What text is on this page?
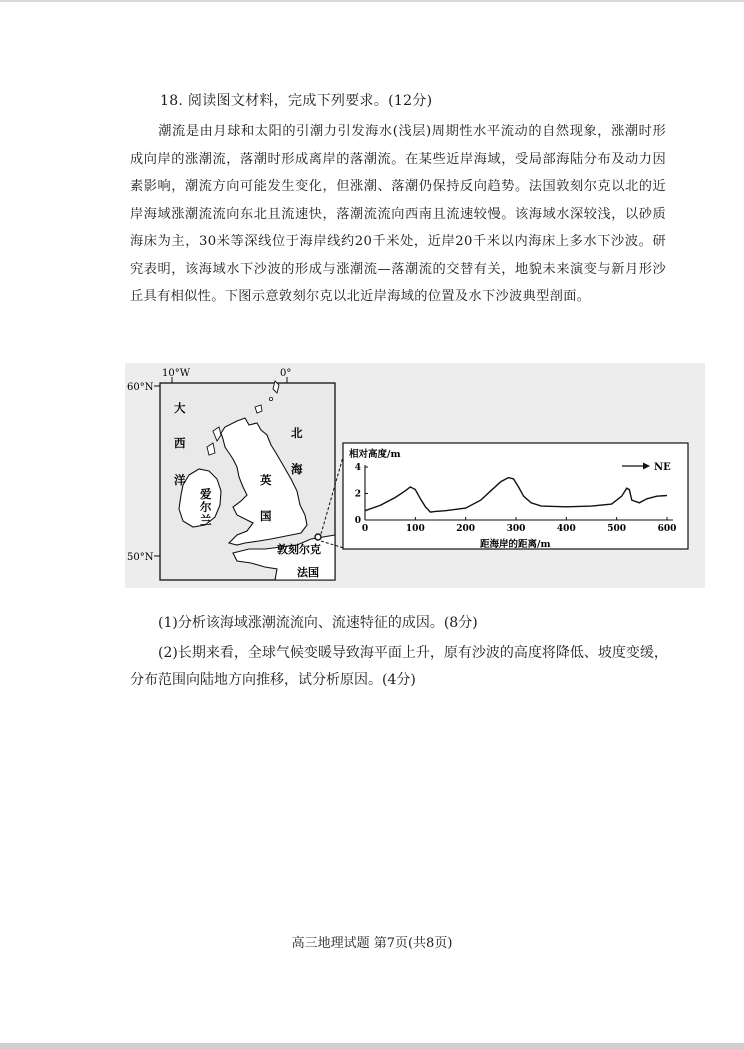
18. 阅读图文材料，完成下列要求。(12分)

潮流是由月球和太阳的引潮力引发海水(浅层)周期性水平流动的自然现象，涨潮时形成向岸的涨潮流，落潮时形成离岸的落潮流。在某些近岸海域，受局部海陆分布及动力因素影响，潮流方向可能发生变化，但涨潮、落潮仍保持反向趋势。法国敦刻尔克以北的近岸海域涨潮流流向东北且流速快，落潮流流向西南且流速较慢。该海域水深较浅，以砂质海床为主，30米等深线位于海岸线约20千米处，近岸20千米以内海床上多水下沙波。研究表明，该海域水下沙波的形成与涨潮流—落潮流的交替有关，地貌未来演变与新月形沙丘具有相似性。下图示意敦刻尔克以北近岸海域的位置及水下沙波典型剖面。

10°W	0°
60°N
50°N
大
西
洋
北
海
英
国
爱
尔
兰
敦刻尔克
法国
相对高度/m
0	100	200	300	400	500	600
0
2
4	NE
距海岸的距离/m

(1)分析该海域涨潮流流向、流速特征的成因。(8分)

(2)长期来看，全球气候变暖导致海平面上升，原有沙波的高度将降低、坡度变缓，分布范围向陆地方向推移，试分析原因。(4分)

高三地理试题 第7页(共8页)
